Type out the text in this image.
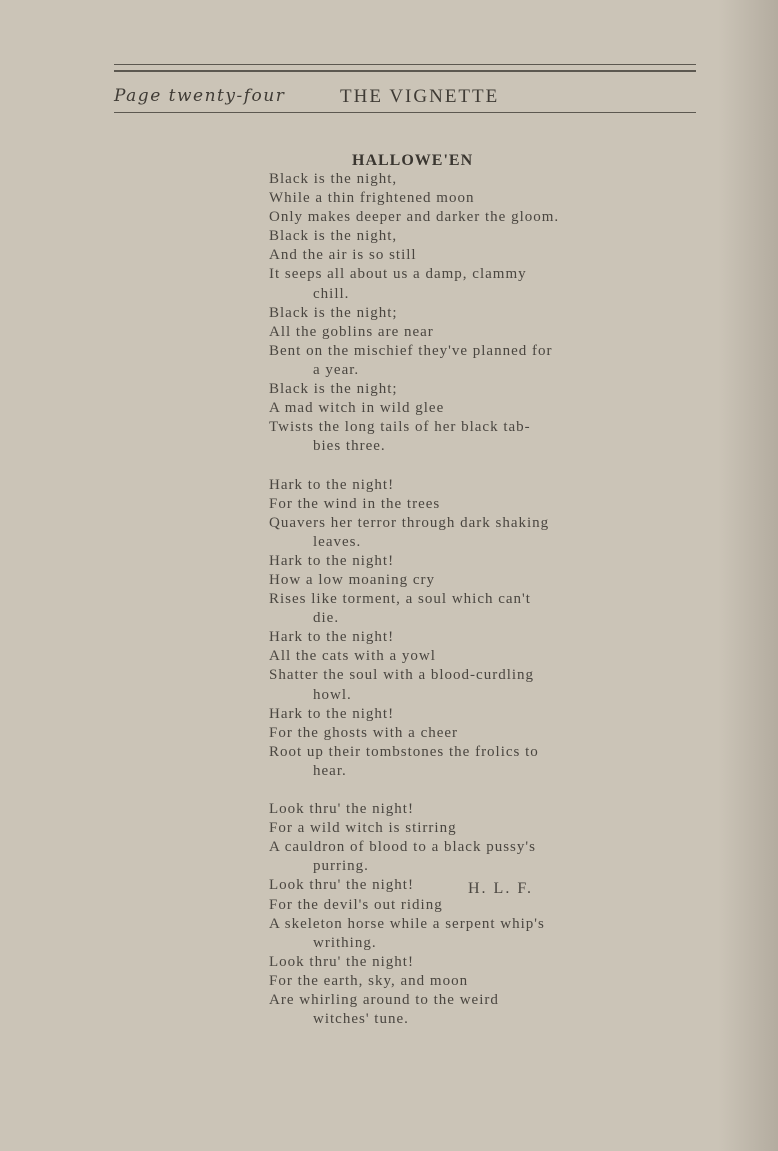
Page twenty-four	THE VIGNETTE
HALLOWE'EN
Black is the night,
While a thin frightened moon
Only makes deeper and darker the gloom.
Black is the night,
And the air is so still
It seeps all about us a damp, clammy
chill.
Black is the night;
All the goblins are near
Bent on the mischief they've planned for
a year.
Black is the night;
A mad witch in wild glee
Twists the long tails of her black tab-
bies three.
Hark to the night!
For the wind in the trees
Quavers her terror through dark shaking
leaves.
Hark to the night!
How a low moaning cry
Rises like torment, a soul which can't
die.
Hark to the night!
All the cats with a yowl
Shatter the soul with a blood-curdling
howl.
Hark to the night!
For the ghosts with a cheer
Root up their tombstones the frolics to
hear.
Look thru' the night!
For a wild witch is stirring
A cauldron of blood to a black pussy's
purring.
Look thru' the night!
For the devil's out riding
A skeleton horse while a serpent whip's
writhing.
Look thru' the night!
For the earth, sky, and moon
Are whirling around to the weird
witches' tune.
H. L. F.
